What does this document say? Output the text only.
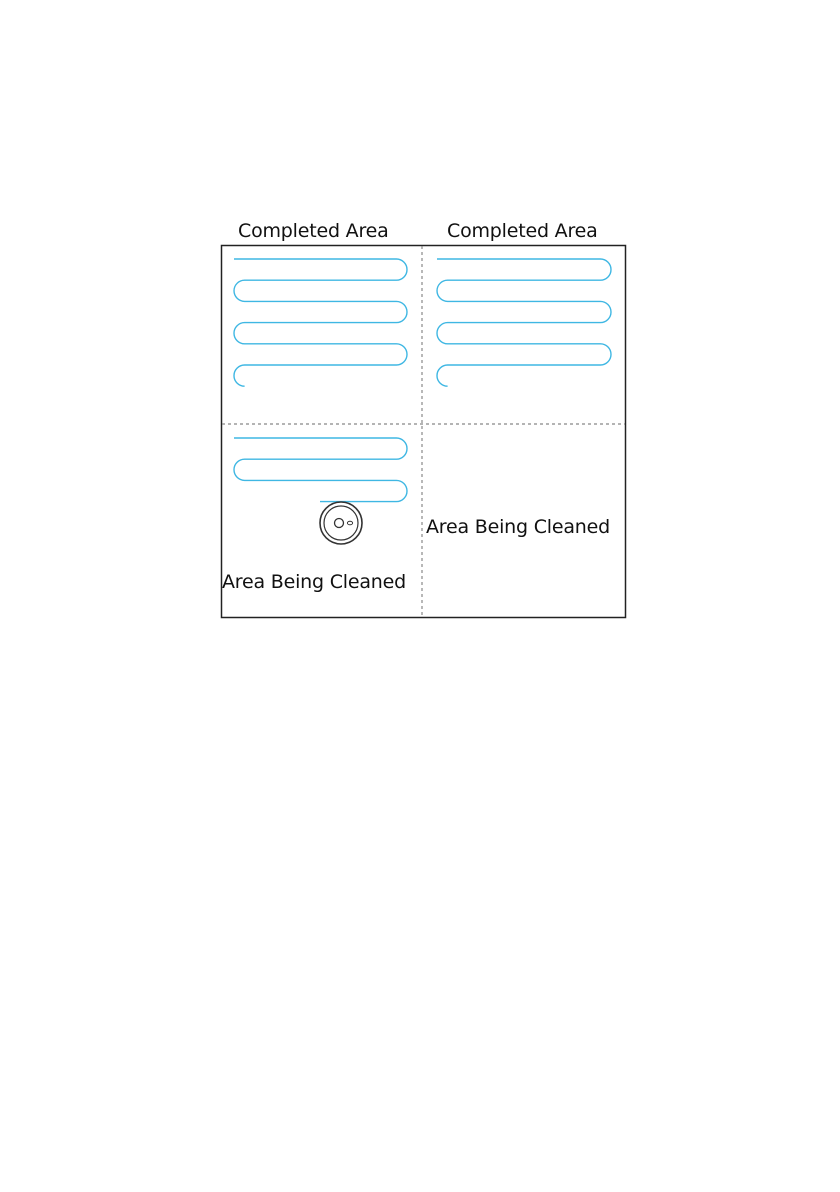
Completed Area	Completed Area
Area Being Cleaned
Area Being Cleaned
